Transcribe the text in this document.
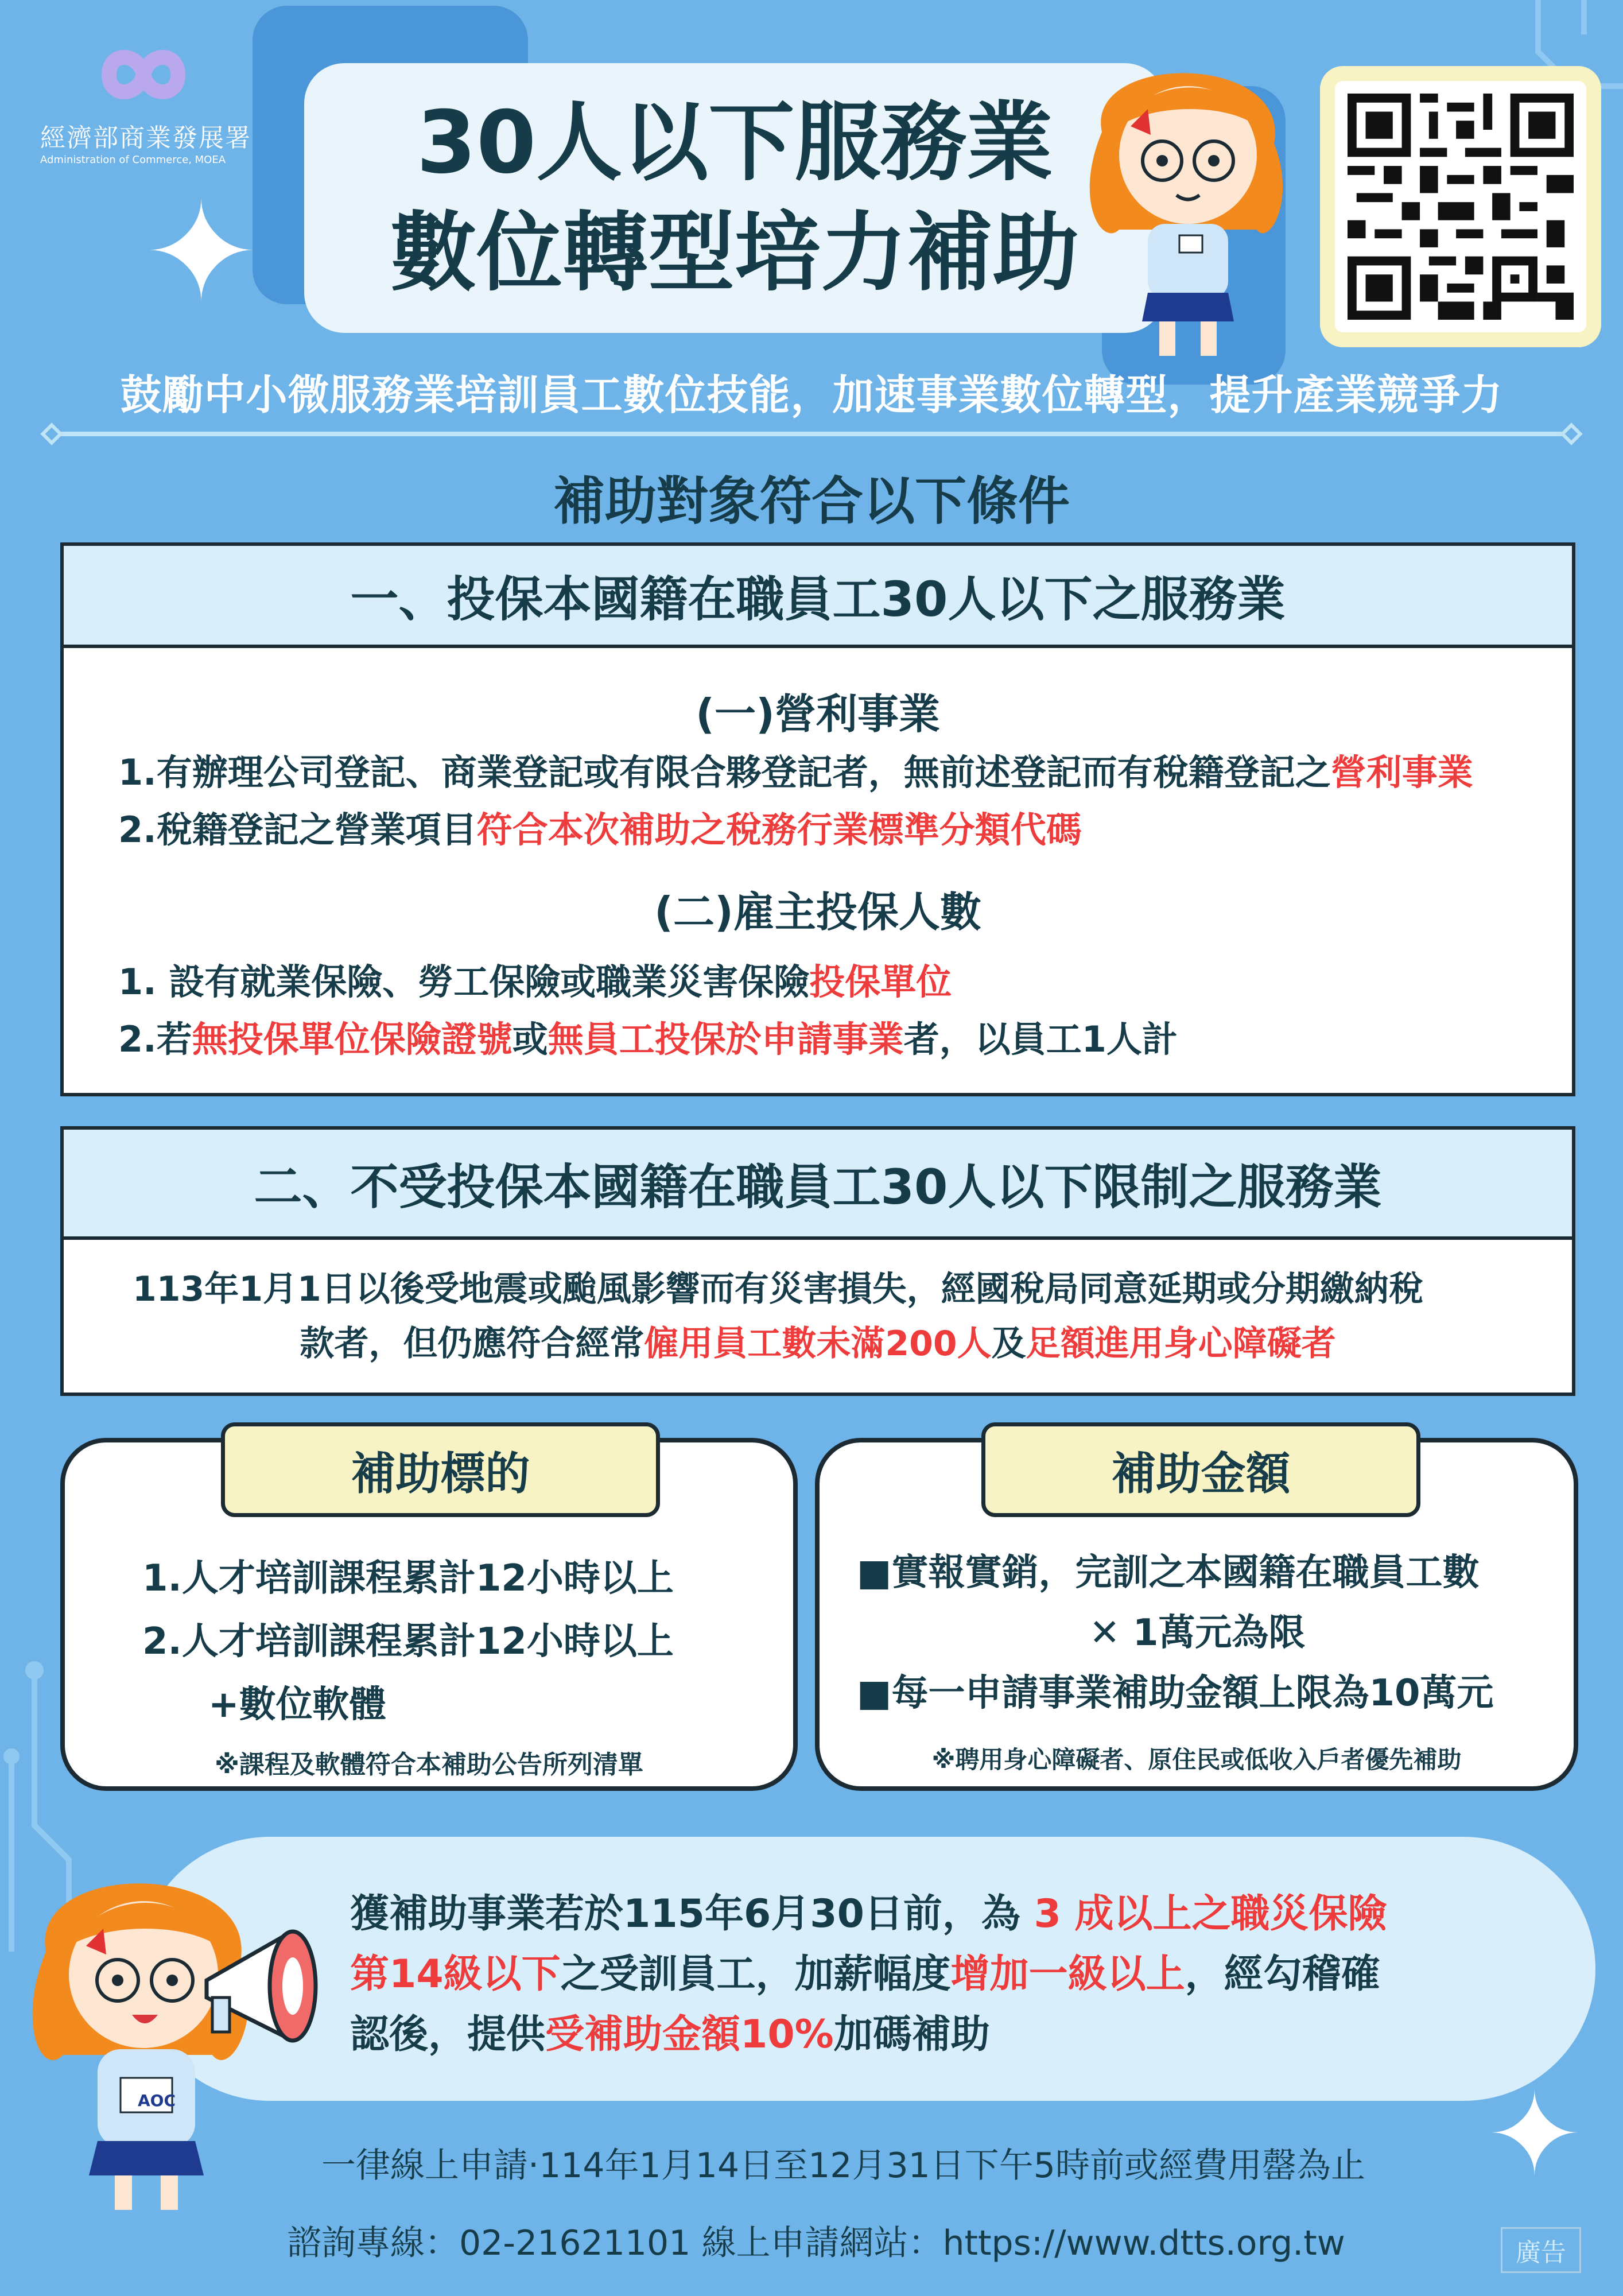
經濟部商業發展署
Administration of Commerce, MOEA
✦
✦
30人以下服務業
數位轉型培力補助
鼓勵中小微服務業培訓員工數位技能，加速事業數位轉型，提升產業競爭力
補助對象符合以下條件
一、投保本國籍在職員工30人以下之服務業
(一)營利事業
1.有辦理公司登記、商業登記或有限合夥登記者，無前述登記而有稅籍登記之營利事業
2.稅籍登記之營業項目符合本次補助之稅務行業標準分類代碼
(二)雇主投保人數
1. 設有就業保險、勞工保險或職業災害保險投保單位
2.若無投保單位保險證號或無員工投保於申請事業者，以員工1人計
二、不受投保本國籍在職員工30人以下限制之服務業
113年1月1日以後受地震或颱風影響而有災害損失，經國稅局同意延期或分期繳納稅
款者，但仍應符合經常僱用員工數未滿200人及足額進用身心障礙者
1.人才培訓課程累計12小時以上
2.人才培訓課程累計12小時以上
+數位軟體
※課程及軟體符合本補助公告所列清單
補助標的
■實報實銷，完訓之本國籍在職員工數
✕ 1萬元為限
■每一申請事業補助金額上限為10萬元
※聘用身心障礙者、原住民或低收入戶者優先補助
補助金額
獲補助事業若於115年6月30日前，為 3 成以上之職災保險
第14級以下之受訓員工，加薪幅度增加一級以上，經勾稽確
認後，提供受補助金額10%加碼補助
AOC
一律線上申請‧114年1月14日至12月31日下午5時前或經費用罄為止
諮詢專線：02-21621101 線上申請網站：https://www.dtts.org.tw	廣告
